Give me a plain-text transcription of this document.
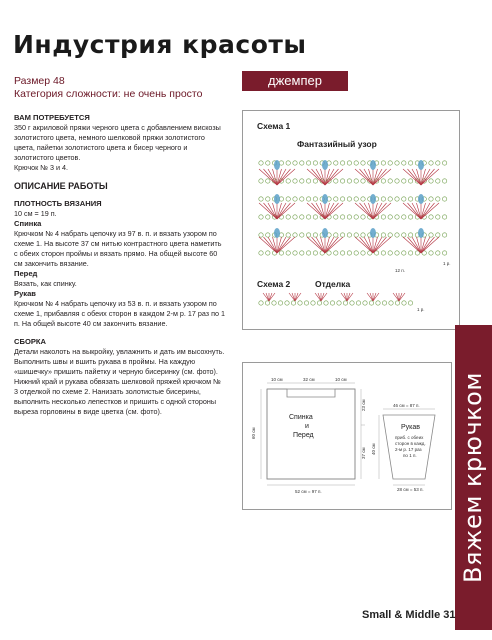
Индустрия красоты
Размер 48
Категория сложности: не очень просто
джемпер

ВАМ ПОТРЕБУЕТСЯ

350 г акриловой пряжи черного цвета с добавлением вискозы золотистого цвета, немного шелковой пряжи золотистого цвета, пайетки золотистого цвета и бисер черного и золотистого цветов.

Крючок № 3 и 4.

ОПИСАНИЕ РАБОТЫ

ПЛОТНОСТЬ ВЯЗАНИЯ

10 см = 19 п.

Спинка

Крючком № 4 набрать цепочку из 97 в. п. и вязать узором по схеме 1. На высоте 37 см нитью контрастного цвета наметить с обеих сторон проймы и вязать прямо. На общей высоте 60 см закончить вязание.

Перед

Вязать, как спинку.

Рукав

Крючком № 4 набрать цепочку из 53 в. п. и вязать узором по схеме 1, прибавляя с обеих сторон в каждом 2-м р. 17 раз по 1 п. На общей высоте 40 см закончить вязание.

СБОРКА

Детали наколоть на выкройку, увлажнить и дать им высохнуть. Выполнить швы и вшить рукава в проймы. На каждую «шишечку» пришить пайетку и черную бисеринку (см. фото). Нижний край и рукава обвязать шелковой пряжей крючком № 3 отделкой по схеме 2. Нанизать золотистые бисерины, выполнить несколько лепестков и пришить с одной стороны выреза горловины в виде цветка (см. фото).

Схема 1
Фантазийный узор
1 р.
12 п.
Схема 2	Отделка
1 р.
10 см	32 см	10 см
60 см
23 см
37 см
52 см = 97 п.
Спинка
и
Перед
46 см = 87 п.
28 см = 53 п.
40 см
Рукав
приб. с обеих
сторон в кажд.
2-м р. 17 раз
по 1 п. Вяжем крючком
Small & Middle 31
